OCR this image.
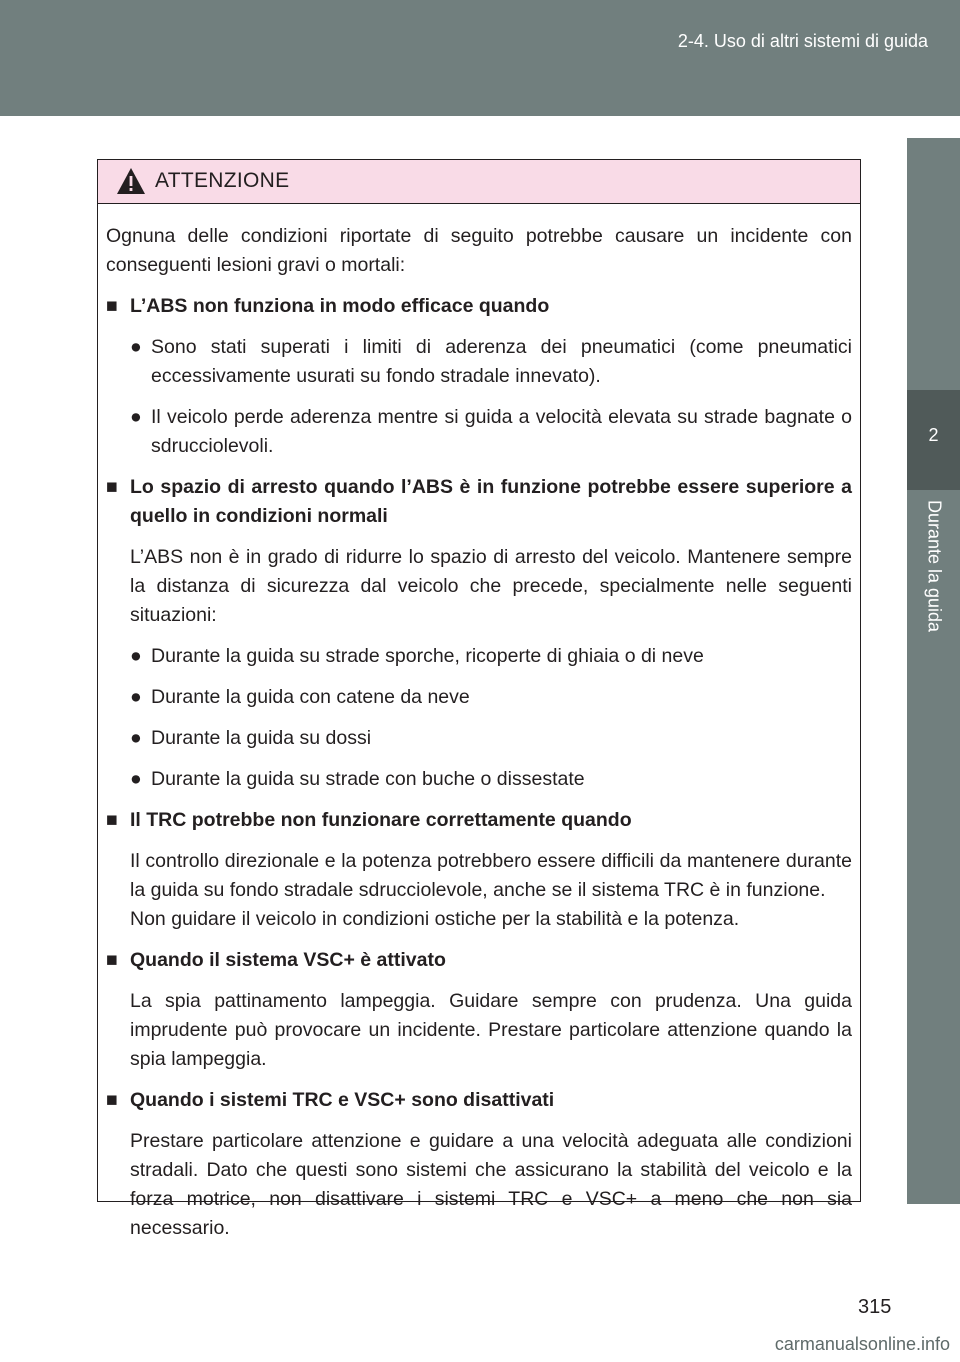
2-4. Uso di altri sistemi di guida
2
Durante la guida
ATTENZIONE

Ognuna delle condizioni riportate di seguito potrebbe causare un incidente con conseguenti lesioni gravi o mortali:

■ L’ABS non funziona in modo efficace quando

● Sono stati superati i limiti di aderenza dei pneumatici (come pneumatici eccessivamente usurati su fondo stradale innevato).

● Il veicolo perde aderenza mentre si guida a velocità elevata su strade bagnate o sdrucciolevoli.

■ Lo spazio di arresto quando l’ABS è in funzione potrebbe essere superiore a quello in condizioni normali

L’ABS non è in grado di ridurre lo spazio di arresto del veicolo. Mantenere sempre la distanza di sicurezza dal veicolo che precede, specialmente nelle seguenti situazioni:

● Durante la guida su strade sporche, ricoperte di ghiaia o di neve

● Durante la guida con catene da neve

● Durante la guida su dossi

● Durante la guida su strade con buche o dissestate

■ Il TRC potrebbe non funzionare correttamente quando

Il controllo direzionale e la potenza potrebbero essere difficili da mantenere durante la guida su fondo stradale sdrucciolevole, anche se il sistema TRC è in funzione.

Non guidare il veicolo in condizioni ostiche per la stabilità e la potenza.

■ Quando il sistema VSC+ è attivato

La spia pattinamento lampeggia. Guidare sempre con prudenza. Una guida imprudente può provocare un incidente. Prestare particolare attenzione quando la spia lampeggia.

■ Quando i sistemi TRC e VSC+ sono disattivati

Prestare particolare attenzione e guidare a una velocità adeguata alle condizioni stradali. Dato che questi sono sistemi che assicurano la stabilità del veicolo e la forza motrice, non disattivare i sistemi TRC e VSC+ a meno che non sia necessario.

315
carmanualsonline.info
